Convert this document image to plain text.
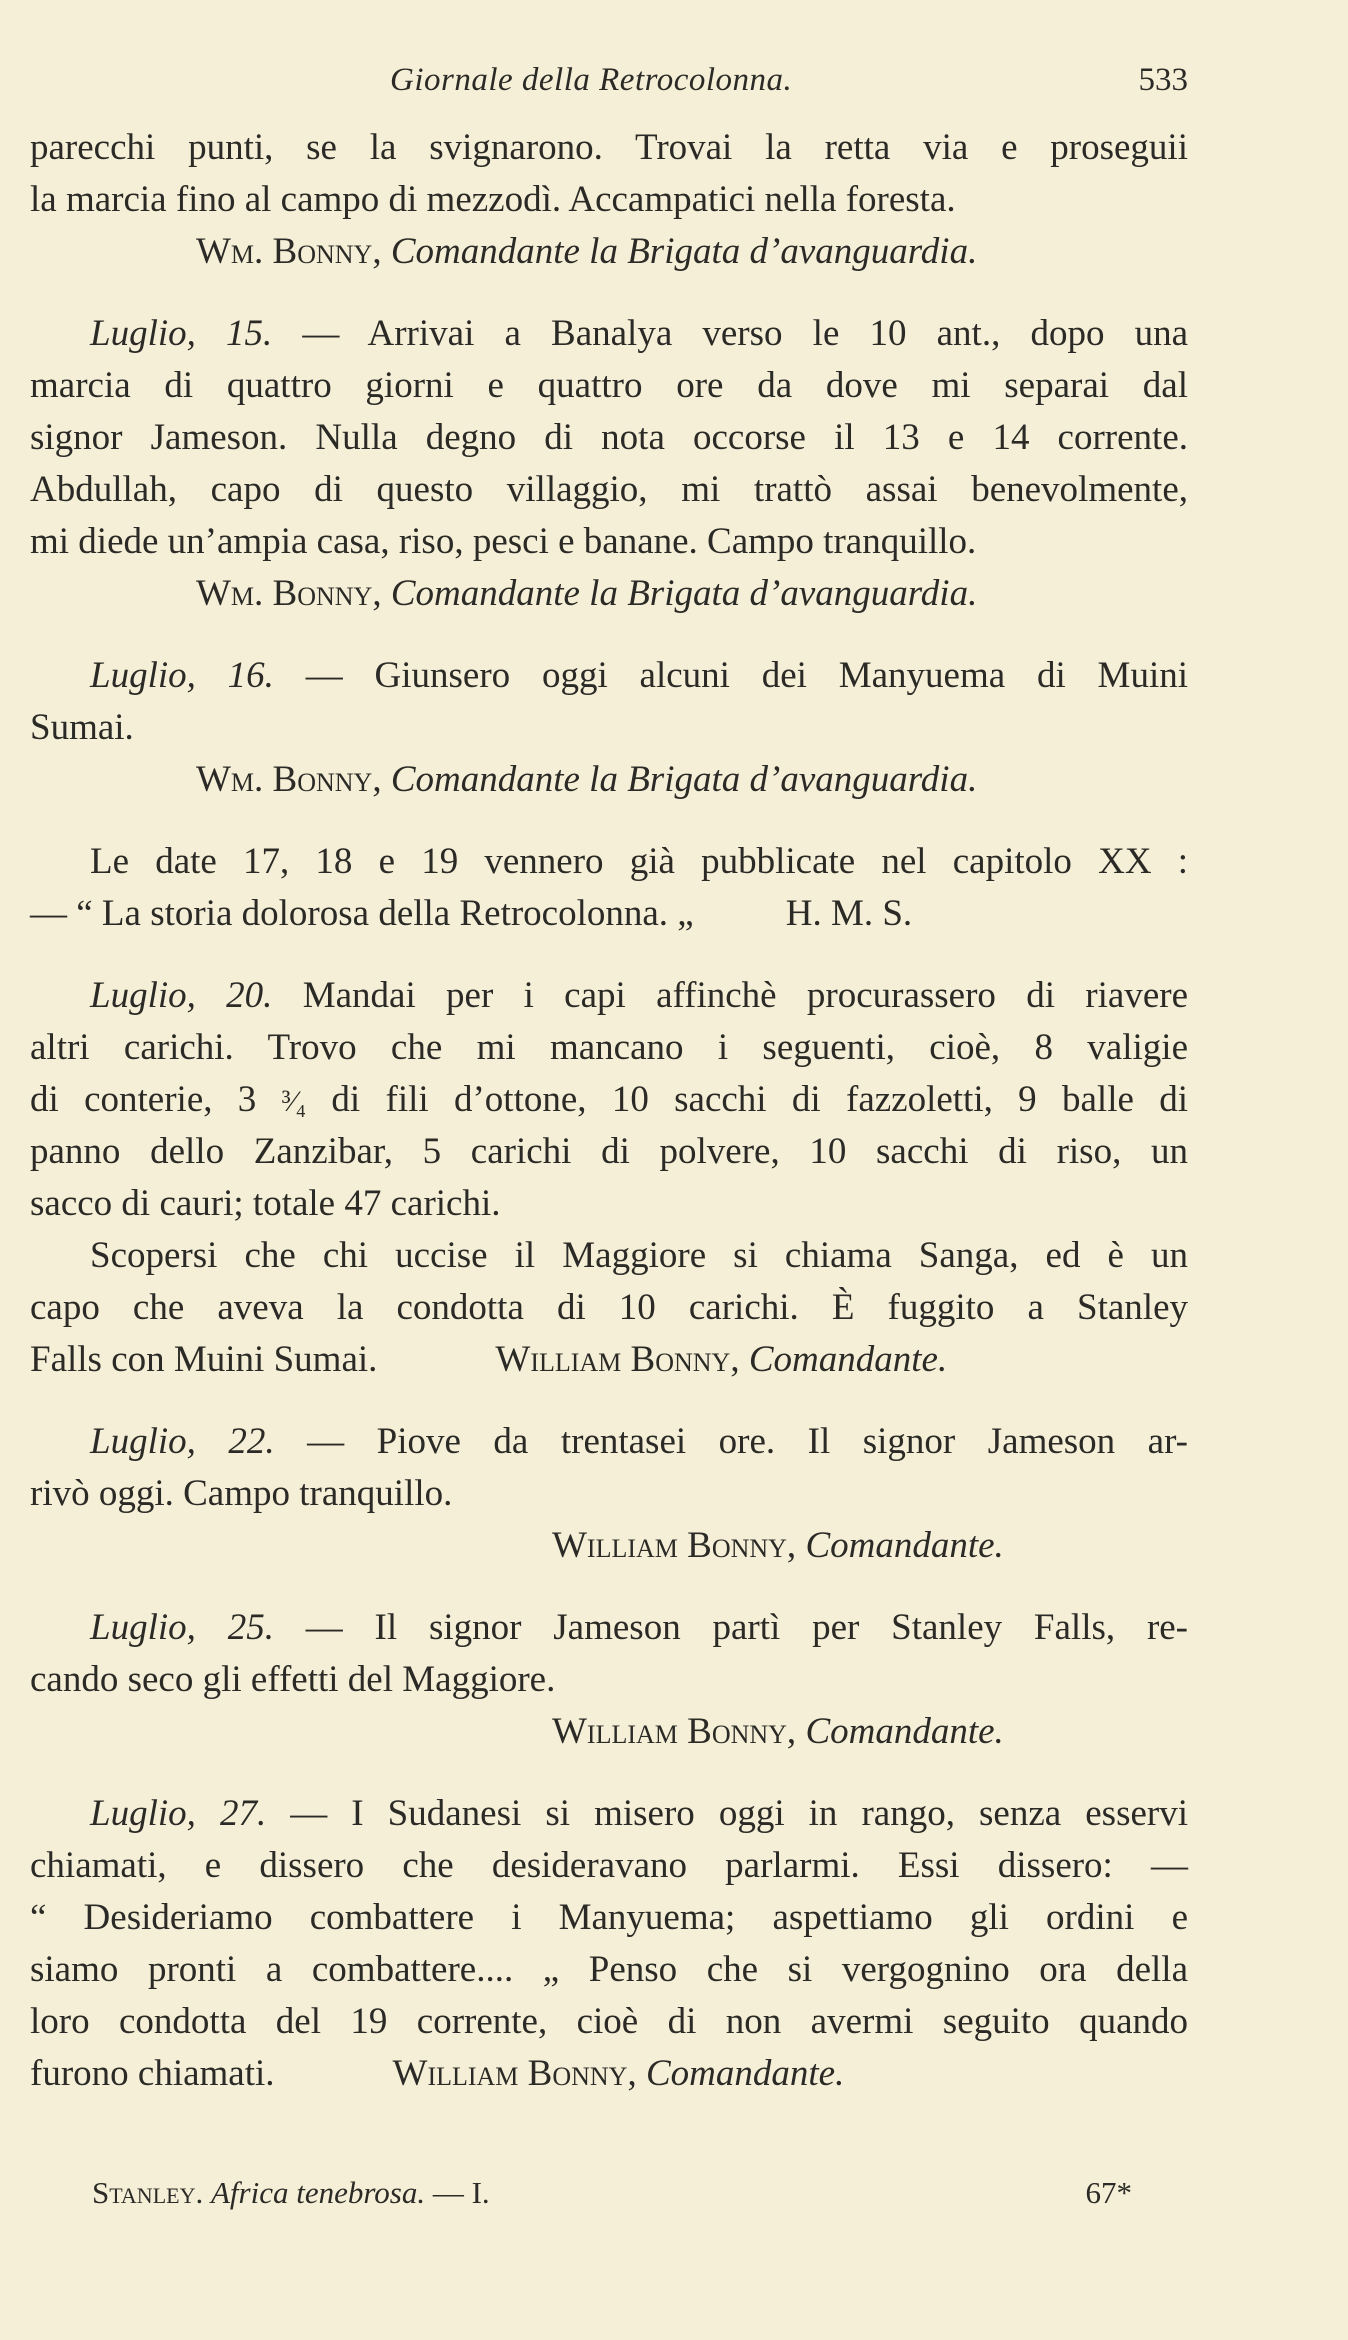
Giornale della Retrocolonna.	533
parecchi punti, se la svignarono. Trovai la retta via e proseguii
la marcia fino al campo di mezzodì. Accampatici nella foresta.
Wm. Bonny, Comandante la Brigata d’avanguardia.
Luglio, 15. — Arrivai a Banalya verso le 10 ant., dopo una
marcia di quattro giorni e quattro ore da dove mi separai dal
signor Jameson. Nulla degno di nota occorse il 13 e 14 corrente.
Abdullah, capo di questo villaggio, mi trattò assai benevolmente,
mi diede un’ampia casa, riso, pesci e banane. Campo tranquillo.
Wm. Bonny, Comandante la Brigata d’avanguardia.
Luglio, 16. — Giunsero oggi alcuni dei Manyuema di Muini
Sumai.
Wm. Bonny, Comandante la Brigata d’avanguardia.
Le date 17, 18 e 19 vennero già pubblicate nel capitolo XX :
— “ La storia dolorosa della Retrocolonna. „ H. M. S.
Luglio, 20. Mandai per i capi affinchè procurassero di riavere
altri carichi. Trovo che mi mancano i seguenti, cioè, 8 valigie
di conterie, 3 ³⁄₄ di fili d’ottone, 10 sacchi di fazzoletti, 9 balle di
panno dello Zanzibar, 5 carichi di polvere, 10 sacchi di riso, un
sacco di cauri; totale 47 carichi.
Scopersi che chi uccise il Maggiore si chiama Sanga, ed è un
capo che aveva la condotta di 10 carichi. È fuggito a Stanley
Falls con Muini Sumai.	William Bonny, Comandante.
Luglio, 22. — Piove da trentasei ore. Il signor Jameson ar-
rivò oggi. Campo tranquillo.
William Bonny, Comandante.
Luglio, 25. — Il signor Jameson partì per Stanley Falls, re-
cando seco gli effetti del Maggiore.
William Bonny, Comandante.
Luglio, 27. — I Sudanesi si misero oggi in rango, senza esservi
chiamati, e dissero che desideravano parlarmi. Essi dissero: —
“ Desideriamo combattere i Manyuema; aspettiamo gli ordini e
siamo pronti a combattere.... „ Penso che si vergognino ora della
loro condotta del 19 corrente, cioè di non avermi seguito quando
furono chiamati.	William Bonny, Comandante.
Stanley. Africa tenebrosa. — I.	67*
